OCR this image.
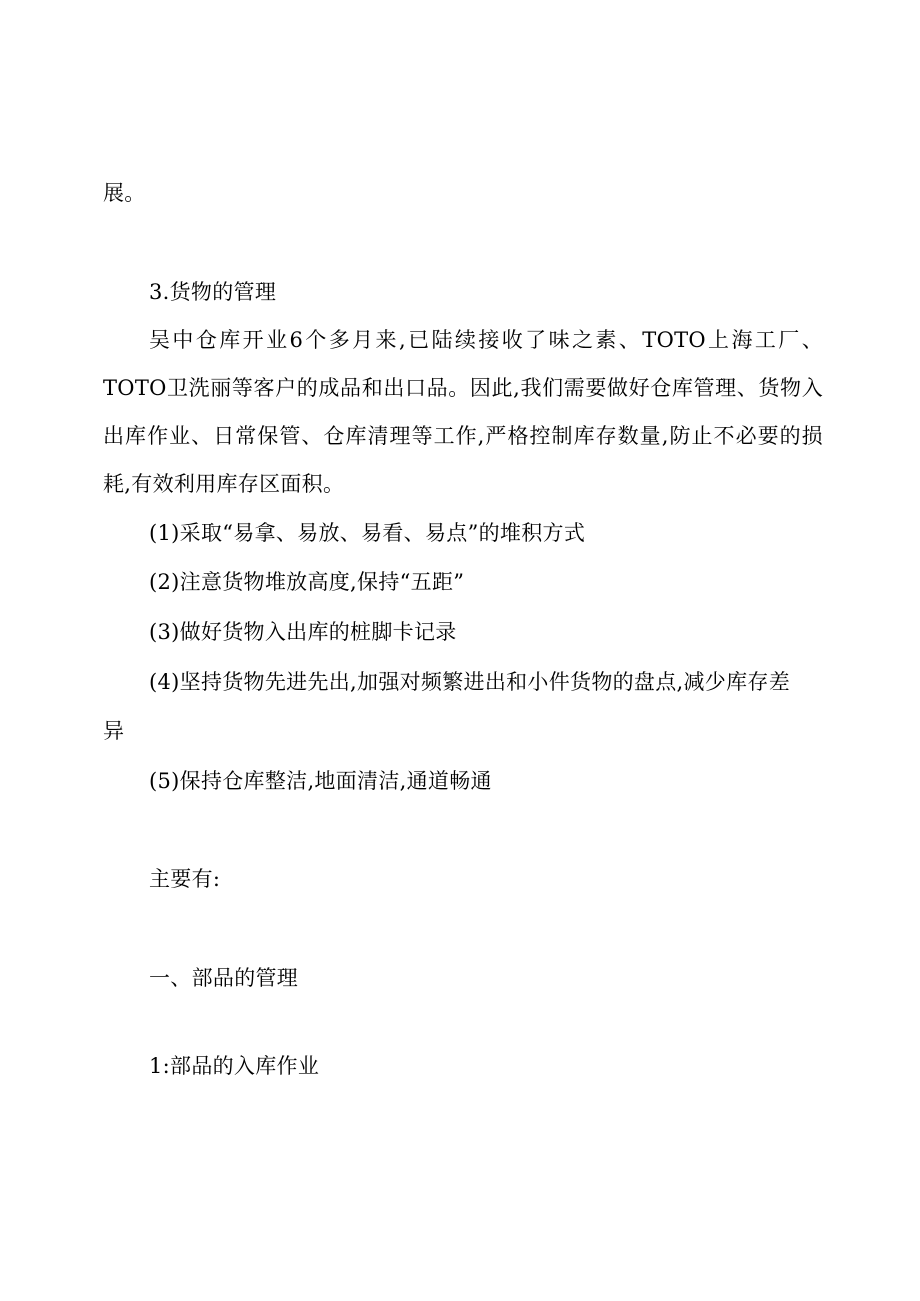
展。
3.货物的管理

吴中仓库开业6个多月来,已陆续接收了味之素、TOTO上海工厂、TOTO卫洗丽等客户的成品和出口品。因此,我们需要做好仓库管理、货物入出库作业、日常保管、仓库清理等工作,严格控制库存数量,防止不必要的损耗,有效利用库存区面积。

(1)采取“易拿、易放、易看、易点”的堆积方式
(2)注意货物堆放高度,保持“五距”
(3)做好货物入出库的桩脚卡记录
(4)坚持货物先进先出,加强对频繁进出和小件货物的盘点,减少库存差
异
(5)保持仓库整洁,地面清洁,通道畅通
主要有:
一、部品的管理
1:部品的入库作业
